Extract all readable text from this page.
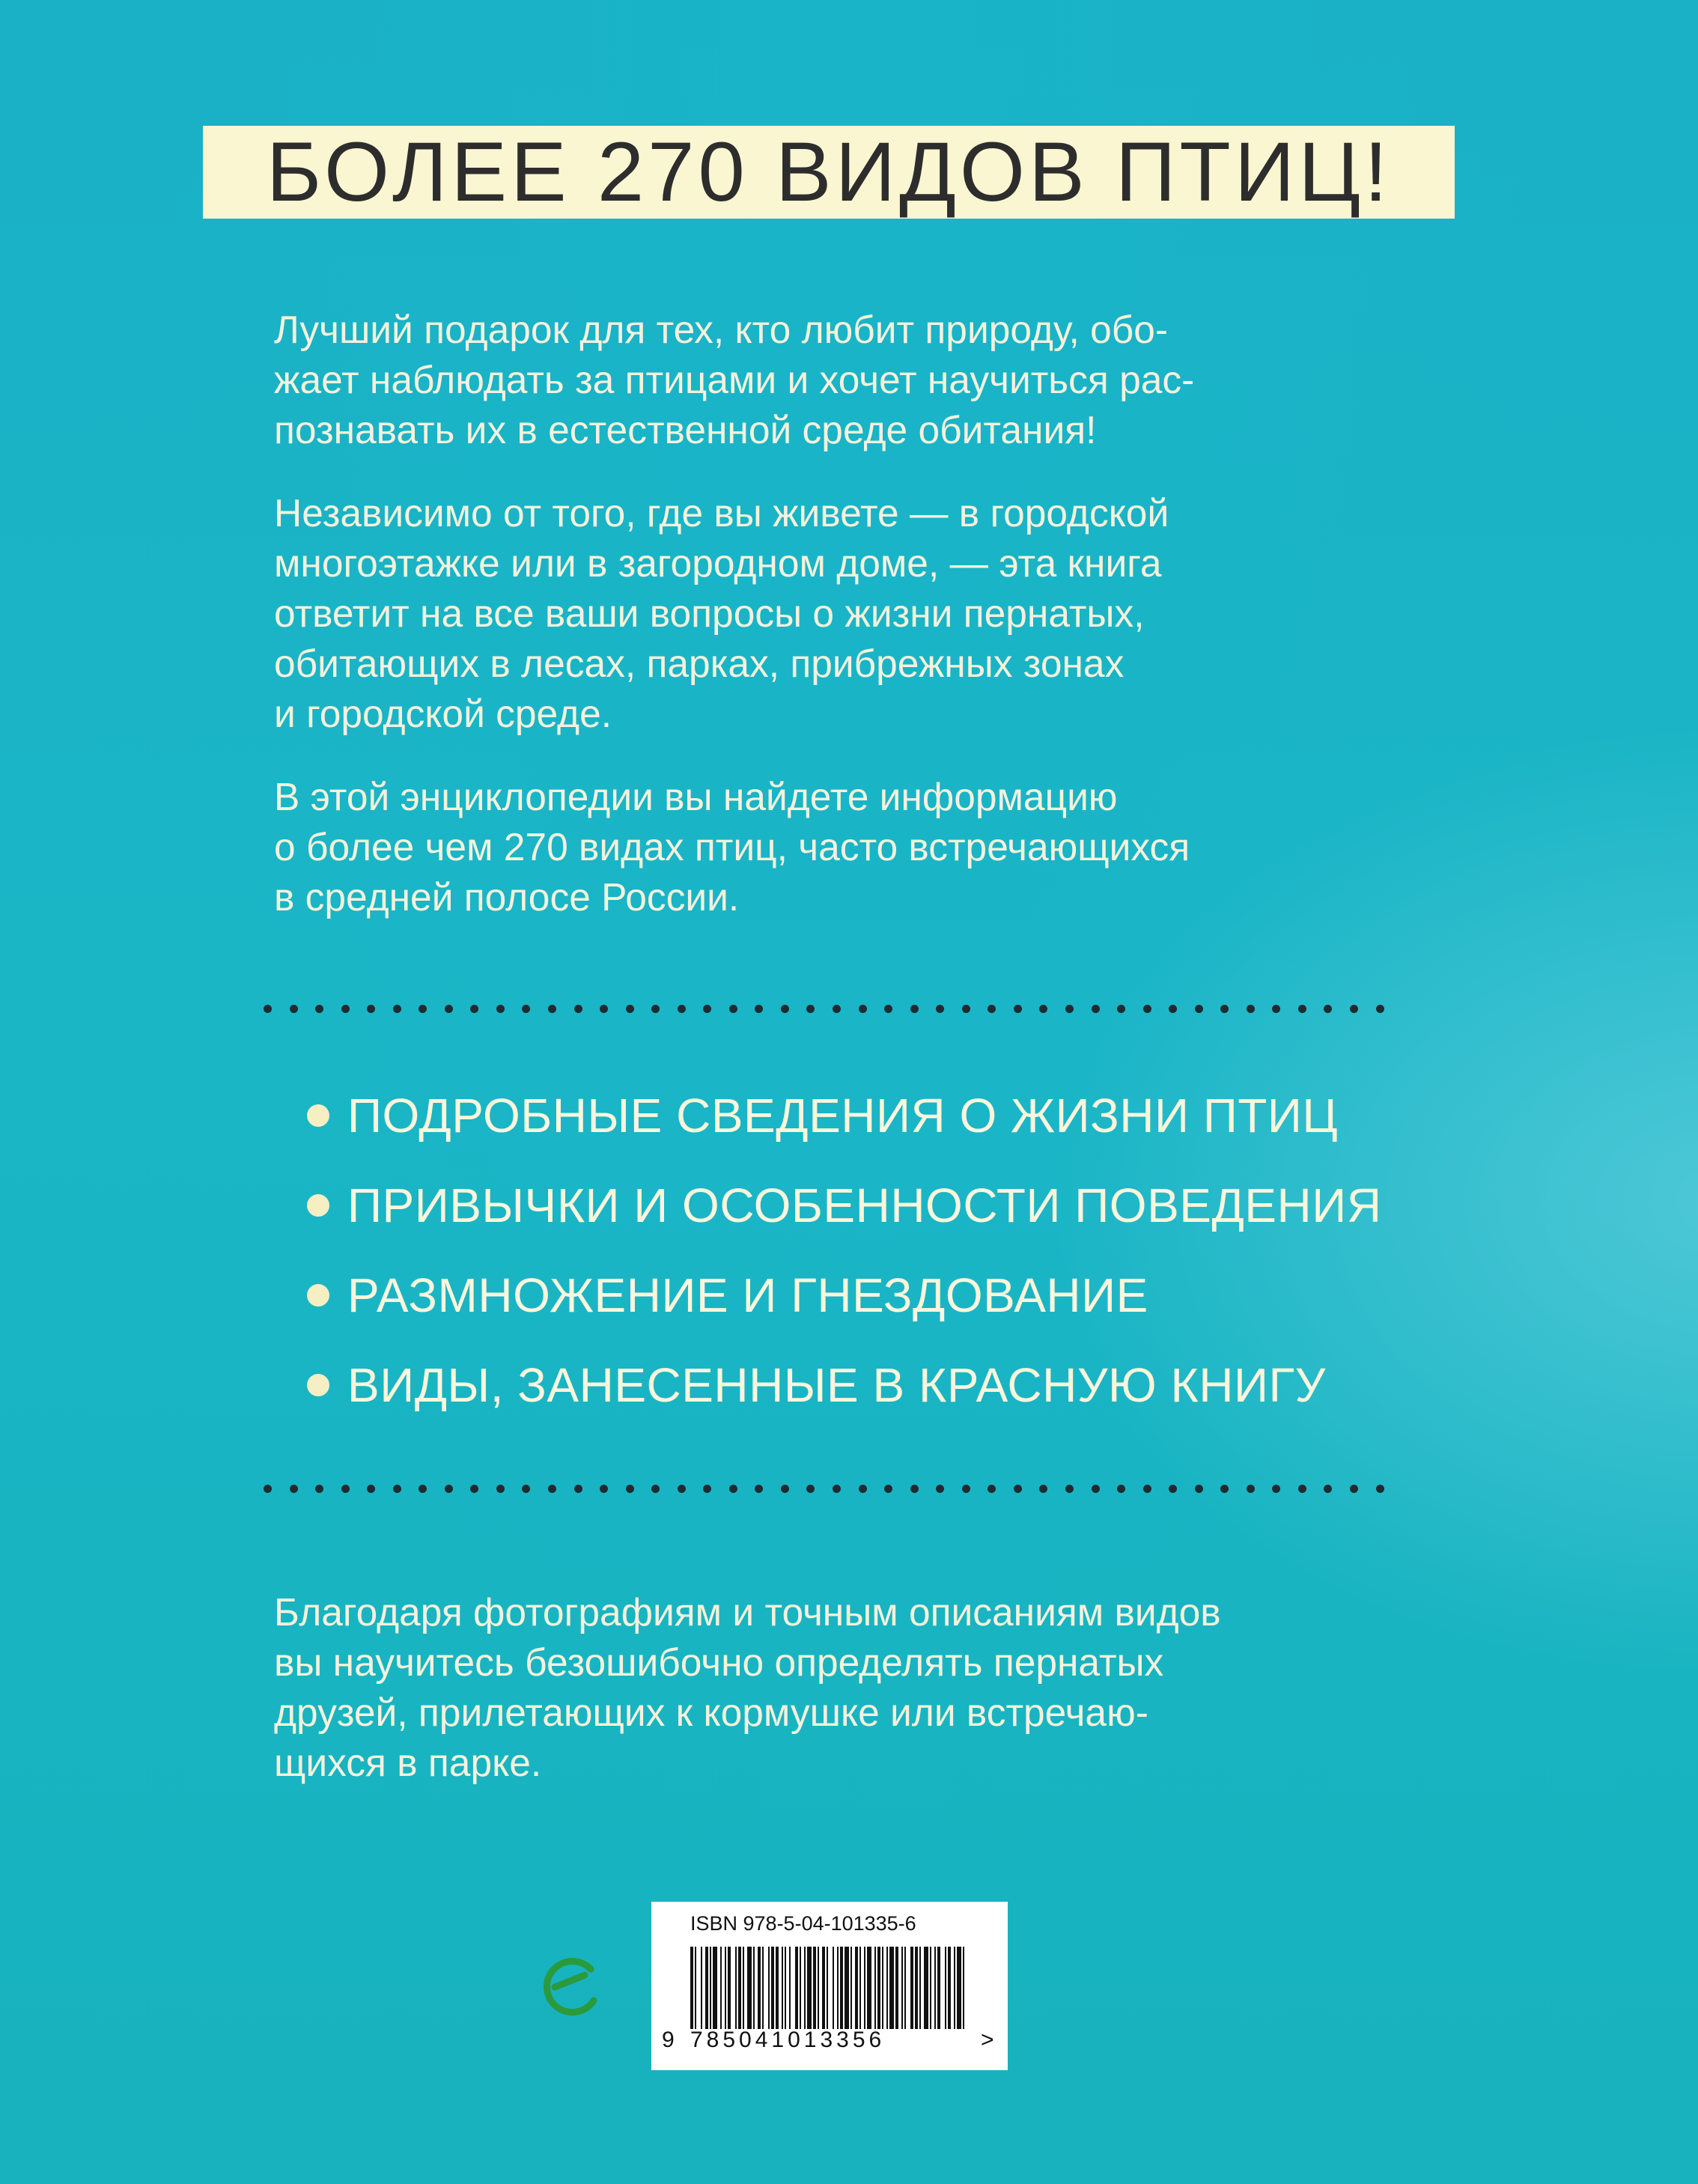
БОЛЕЕ 270 ВИДОВ ПТИЦ!

Лучший подарок для тех, кто любит природу, обо-
жает наблюдать за птицами и хочет научиться рас-
познавать их в естественной среде обитания!

Независимо от того, где вы живете — в городской
многоэтажке или в загородном доме, — эта книга
ответит на все ваши вопросы о жизни пернатых,
обитающих в лесах, парках, прибрежных зонах
и городской среде.

В этой энциклопедии вы найдете информацию
о более чем 270 видах птиц, часто встречающихся
в средней полосе России.

ПОДРОБНЫЕ СВЕДЕНИЯ О ЖИЗНИ ПТИЦ
ПРИВЫЧКИ И ОСОБЕННОСТИ ПОВЕДЕНИЯ
РАЗМНОЖЕНИЕ И ГНЕЗДОВАНИЕ
ВИДЫ, ЗАНЕСЕННЫЕ В КРАСНУЮ КНИГУ

Благодаря фотографиям и точным описаниям видов
вы научитесь безошибочно определять пернатых
друзей, прилетающих к кормушке или встречаю-
щихся в парке.

ISBN 978-5-04-101335-6
9 785041013356	>
